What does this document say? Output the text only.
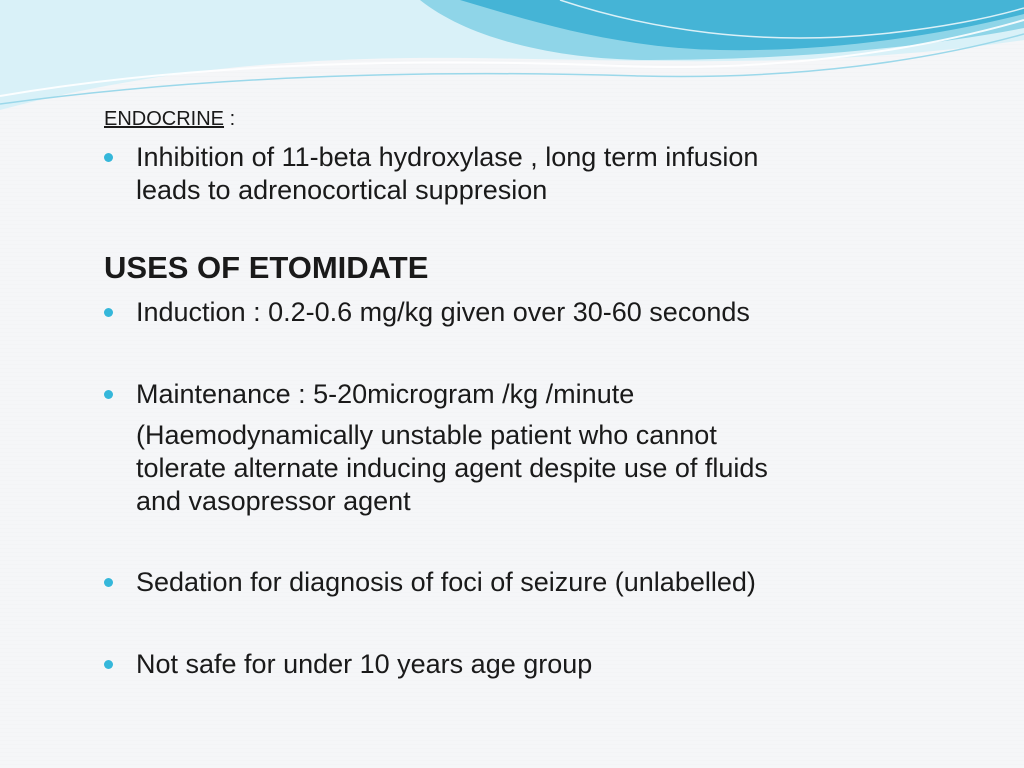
ENDOCRINE :
Inhibition of 11-beta hydroxylase , long term infusion
leads to adrenocortical suppresion
USES OF ETOMIDATE
Induction : 0.2-0.6 mg/kg given over 30-60 seconds
Maintenance : 5-20microgram /kg /minute
(Haemodynamically unstable patient who cannot
tolerate alternate inducing agent despite use of fluids
and vasopressor agent
Sedation for diagnosis of foci of seizure (unlabelled)
Not safe for under 10 years age group
